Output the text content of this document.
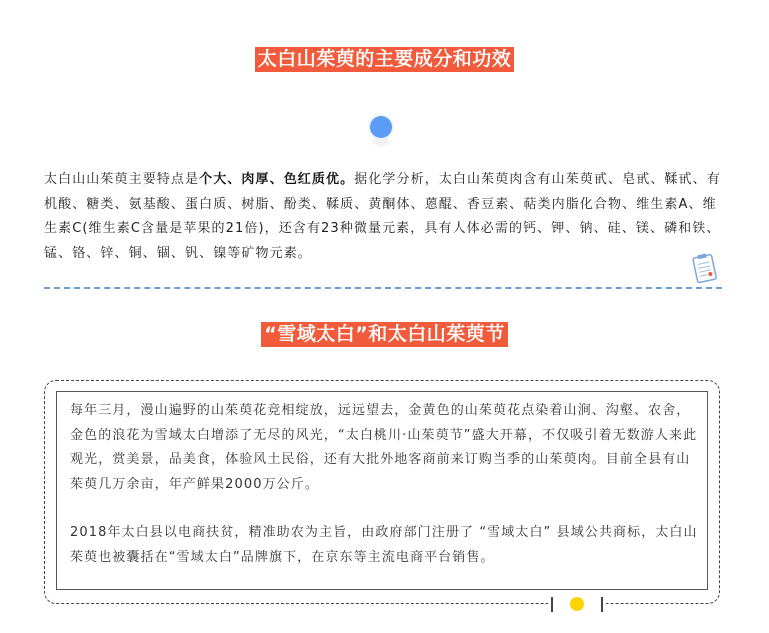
太白山茱萸的主要成分和功效

太白山山茱萸主要特点是个大、肉厚、色红质优。据化学分析，太白山茱萸肉含有山茱萸甙、皂甙、鞣甙、有机酸、糖类、氨基酸、蛋白质、树脂、酚类、鞣质、黄酮体、蒽醌、香豆素、萜类内脂化合物、维生素A、维生素C(维生素C含量是苹果的21倍)，还含有23种微量元素，具有人体必需的钙、钾、钠、硅、镁、磷和铁、锰、铬、锌、铜、锢、钒、镍等矿物元素。

“雪域太白”和太白山茱萸节

每年三月，漫山遍野的山茱萸花竞相绽放，远远望去，金黄色的山茱萸花点染着山涧、沟壑、农舍，金色的浪花为雪域太白增添了无尽的风光，“太白桃川·山茱萸节”盛大开幕，不仅吸引着无数游人来此观光，赏美景，品美食，体验风土民俗，还有大批外地客商前来订购当季的山茱萸肉。目前全县有山茱萸几万余亩，年产鲜果2000万公斤。

2018年太白县以电商扶贫，精准助农为主旨，由政府部门注册了 “雪域太白” 县域公共商标，太白山茱萸也被囊括在“雪域太白”品牌旗下，在京东等主流电商平台销售。
